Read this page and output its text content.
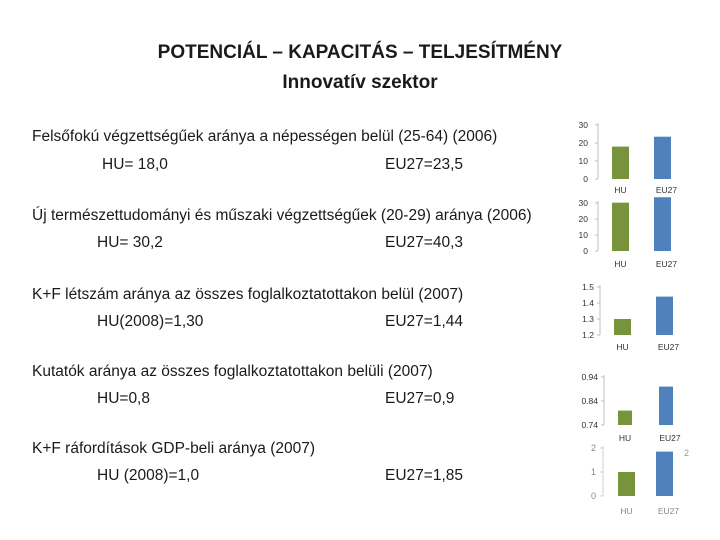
POTENCIÁL – KAPACITÁS – TELJESÍTMÉNY
Innovatív szektor
Felsőfokú végzettségűek aránya a népességen belül (25-64) (2006)
HU= 18,0	EU27=23,5
Új természettudományi és műszaki végzettségűek (20-29) aránya (2006)
HU= 30,2	EU27=40,3
K+F létszám aránya az összes foglalkoztatottakon belül (2007)
HU(2008)=1,30	EU27=1,44
Kutatók aránya az összes foglalkoztatottakon belüli (2007)
HU=0,8	EU27=0,9
K+F ráfordítások GDP-beli aránya (2007)
HU (2008)=1,0	EU27=1,85
30
20
10
0
HU	EU27
30
20
10
0
HU	EU27
1.5
1.4
1.3
1.2
HU	EU27
0.94
0.84
0.74
HU	EU27
2
1
0
HU	EU27
2
